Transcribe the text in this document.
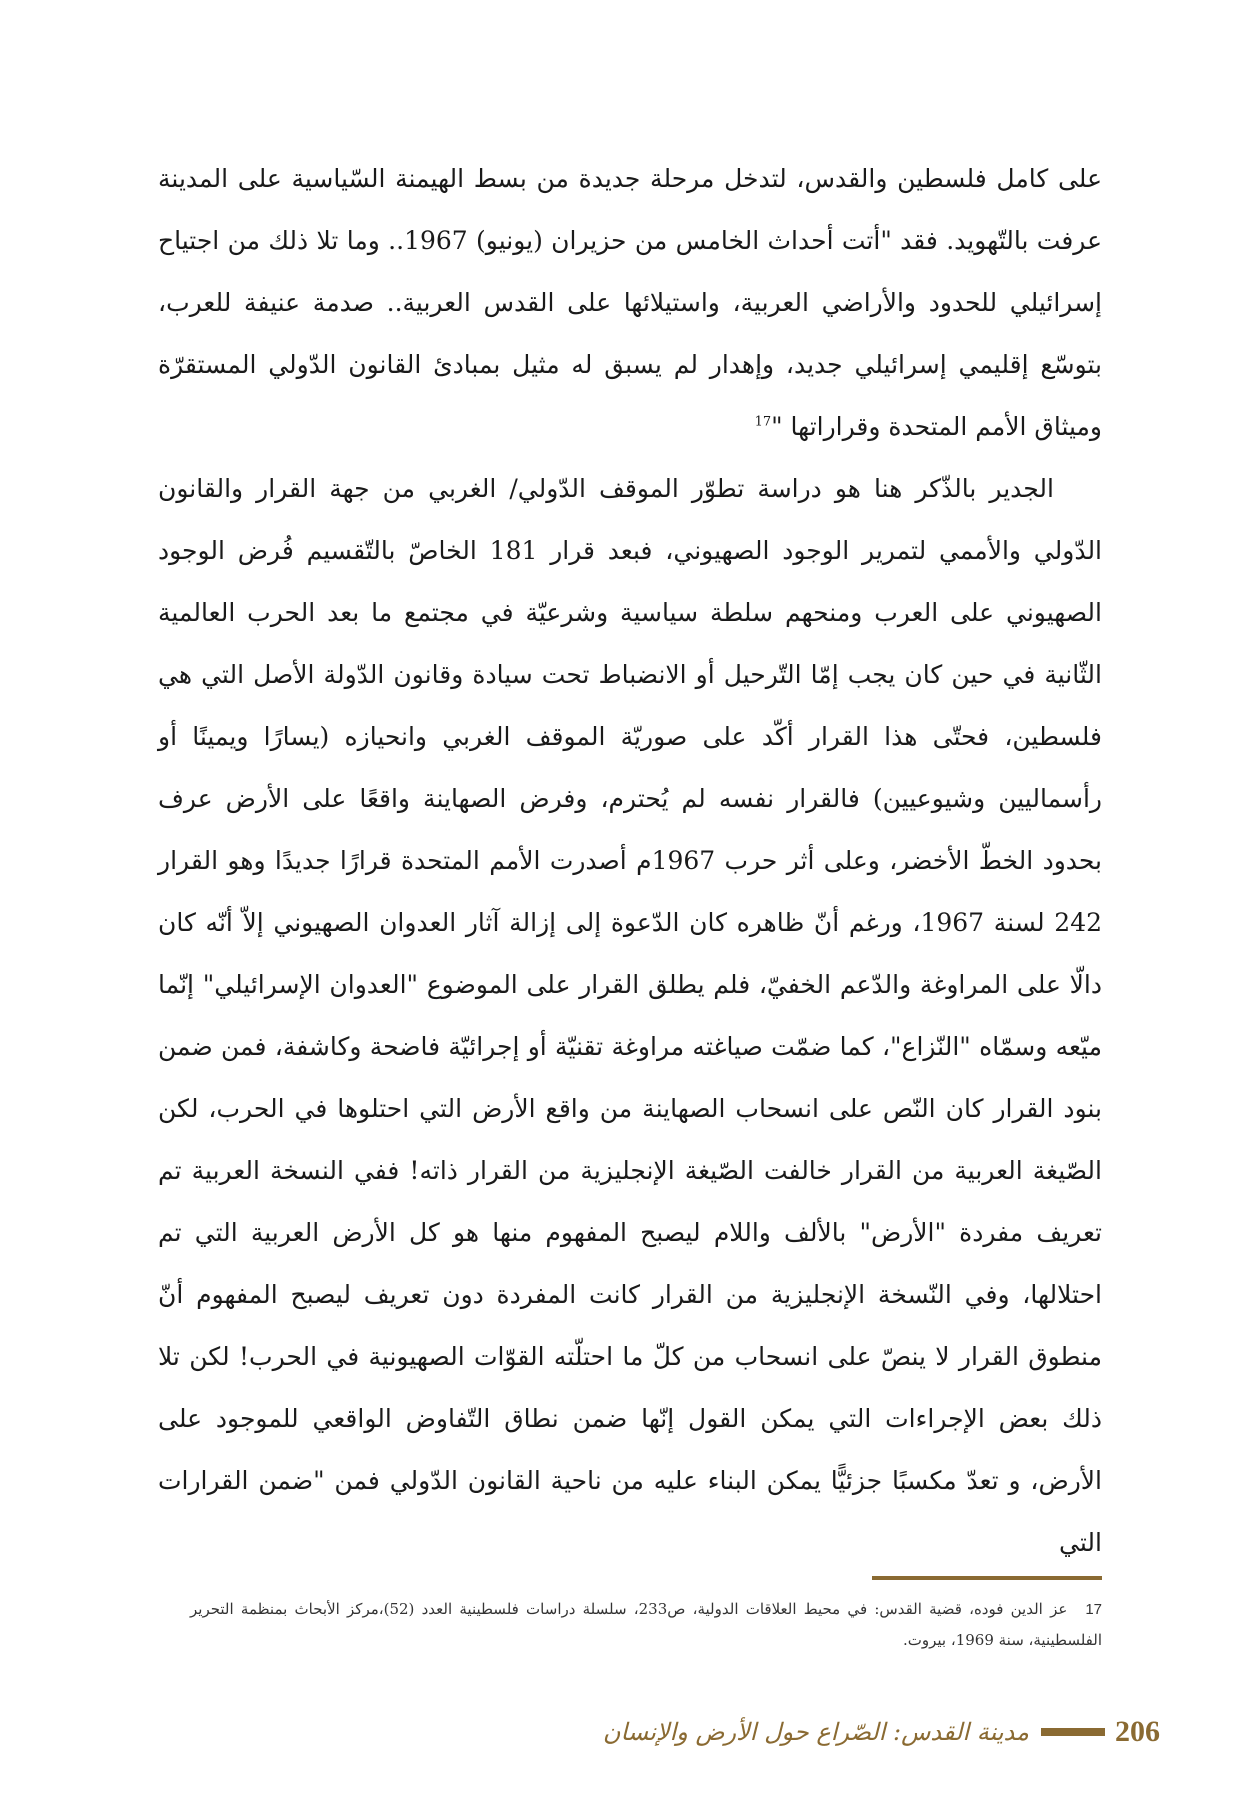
على كامل فلسطين والقدس، لتدخل مرحلة جديدة من بسط الهيمنة السّياسية على المدينة عرفت بالتّهويد. فقد "أتت أحداث الخامس من حزيران (يونيو) 1967.. وما تلا ذلك من اجتياح إسرائيلي للحدود والأراضي العربية، واستيلائها على القدس العربية.. صدمة عنيفة للعرب، بتوسّع إقليمي إسرائيلي جديد، وإهدار لم يسبق له مثيل بمبادئ القانون الدّولي المستقرّة وميثاق الأمم المتحدة وقراراتها "$^{17}$

الجدير بالذّكر هنا هو دراسة تطوّر الموقف الدّولي/ الغربي من جهة القرار والقانون الدّولي والأممي لتمرير الوجود الصهيوني، فبعد قرار 181 الخاصّ بالتّقسيم فُرض الوجود الصهيوني على العرب ومنحهم سلطة سياسية وشرعيّة في مجتمع ما بعد الحرب العالمية الثّانية في حين كان يجب إمّا التّرحيل أو الانضباط تحت سيادة وقانون الدّولة الأصل التي هي فلسطين، فحتّى هذا القرار أكّد على صوريّة الموقف الغربي وانحيازه (يسارًا ويمينًا أو رأسماليين وشيوعيين) فالقرار نفسه لم يُحترم، وفرض الصهاينة واقعًا على الأرض عرف بحدود الخطّ الأخضر، وعلى أثر حرب 1967م أصدرت الأمم المتحدة قرارًا جديدًا وهو القرار 242 لسنة 1967، ورغم أنّ ظاهره كان الدّعوة إلى إزالة آثار العدوان الصهيوني إلاّ أنّه كان دالّا على المراوغة والدّعم الخفيّ، فلم يطلق القرار على الموضوع "العدوان الإسرائيلي" إنّما ميّعه وسمّاه "النّزاع"، كما ضمّت صياغته مراوغة تقنيّة أو إجرائيّة فاضحة وكاشفة، فمن ضمن بنود القرار كان النّص على انسحاب الصهاينة من واقع الأرض التي احتلوها في الحرب، لكن الصّيغة العربية من القرار خالفت الصّيغة الإنجليزية من القرار ذاته! ففي النسخة العربية تم تعريف مفردة "الأرض" بالألف واللام ليصبح المفهوم منها هو كل الأرض العربية التي تم احتلالها، وفي النّسخة الإنجليزية من القرار كانت المفردة دون تعريف ليصبح المفهوم أنّ منطوق القرار لا ينصّ على انسحاب من كلّ ما احتلّته القوّات الصهيونية في الحرب! لكن تلا ذلك بعض الإجراءات التي يمكن القول إنّها ضمن نطاق التّفاوض الواقعي للموجود على الأرض، و تعدّ مكسبًا جزئيًّا يمكن البناء عليه من ناحية القانون الدّولي فمن "ضمن القرارات التي

17عز الدين فوده، قضية القدس: في محيط العلاقات الدولية، ص233، سلسلة دراسات فلسطينية العدد (52)،مركز الأبحاث بمنظمة التحرير الفلسطينية، سنة 1969، بيروت.
206
مدينة القدس: الصّراع حول الأرض والإنسان
